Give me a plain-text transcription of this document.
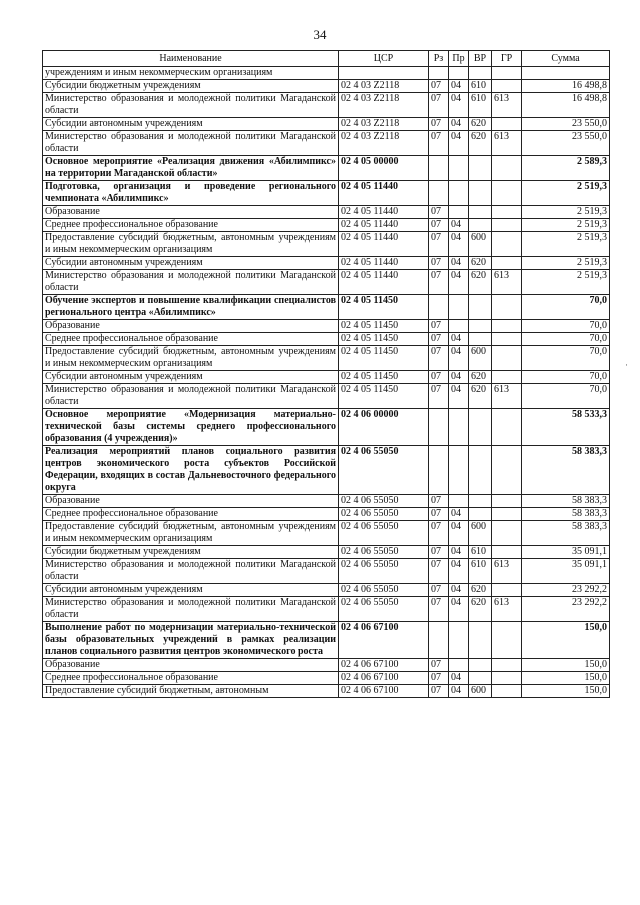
34
Наименование	ЦСР	Рз	Пр	ВР	ГР	Сумма
учреждениям и иным некоммерческим организациям						
Субсидии бюджетным учреждениям	02 4 03 Z2118	07	04	610		16 498,8
Министерство образования и молодежной политики Магаданской области	02 4 03 Z2118	07	04	610	613	16 498,8
Субсидии автономным учреждениям	02 4 03 Z2118	07	04	620		23 550,0
Министерство образования и молодежной политики Магаданской области	02 4 03 Z2118	07	04	620	613	23 550,0
Основное мероприятие «Реализация движения «Абилимпикс» на территории Магаданской области»	02 4 05 00000					2 589,3
Подготовка, организация и проведение регионального чемпионата «Абилимпикс»	02 4 05 11440					2 519,3
Образование	02 4 05 11440	07				2 519,3
Среднее профессиональное образование	02 4 05 11440	07	04			2 519,3
Предоставление субсидий бюджетным, автономным учреждениям и иным некоммерческим организациям	02 4 05 11440	07	04	600		2 519,3
Субсидии автономным учреждениям	02 4 05 11440	07	04	620		2 519,3
Министерство образования и молодежной политики Магаданской области	02 4 05 11440	07	04	620	613	2 519,3
Обучение экспертов и повышение квалификации специалистов регионального центра «Абилимпикс»	02 4 05 11450					70,0
Образование	02 4 05 11450	07				70,0
Среднее профессиональное образование	02 4 05 11450	07	04			70,0
Предоставление субсидий бюджетным, автономным учреждениям и иным некоммерческим организациям	02 4 05 11450	07	04	600		70,0
Субсидии автономным учреждениям	02 4 05 11450	07	04	620		70,0
Министерство образования и молодежной политики Магаданской области	02 4 05 11450	07	04	620	613	70,0
Основное мероприятие «Модернизация материально-технической базы системы среднего профессионального образования (4 учреждения)»	02 4 06 00000					58 533,3
Реализация мероприятий планов социального развития центров экономического роста субъектов Российской Федерации, входящих в состав Дальневосточного федерального округа	02 4 06 55050					58 383,3
Образование	02 4 06 55050	07				58 383,3
Среднее профессиональное образование	02 4 06 55050	07	04			58 383,3
Предоставление субсидий бюджетным, автономным учреждениям и иным некоммерческим организациям	02 4 06 55050	07	04	600		58 383,3
Субсидии бюджетным учреждениям	02 4 06 55050	07	04	610		35 091,1
Министерство образования и молодежной политики Магаданской области	02 4 06 55050	07	04	610	613	35 091,1
Субсидии автономным учреждениям	02 4 06 55050	07	04	620		23 292,2
Министерство образования и молодежной политики Магаданской области	02 4 06 55050	07	04	620	613	23 292,2
Выполнение работ по модернизации материально-технической базы образовательных учреждений в рамках реализации планов социального развития центров экономического роста	02 4 06 67100					150,0
Образование	02 4 06 67100	07				150,0
Среднее профессиональное образование	02 4 06 67100	07	04			150,0
Предоставление субсидий бюджетным, автономным	02 4 06 67100	07	04	600		150,0
·
